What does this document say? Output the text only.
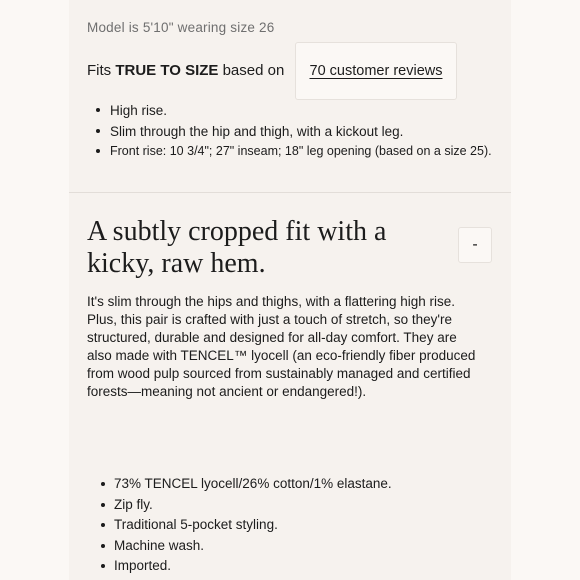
Model is 5'10" wearing size 26
Fits TRUE TO SIZE based on	70 customer reviews
High rise.
Slim through the hip and thigh, with a kickout leg.
Front rise: 10 3/4"; 27" inseam; 18" leg opening (based on a size 25).
A subtly cropped fit with a kicky, raw hem.
-

It's slim through the hips and thighs, with a flattering high rise. Plus, this pair is crafted with just a touch of stretch, so they're structured, durable and designed for all-day comfort. They are also made with TENCEL™ lyocell (an eco-friendly fiber produced from wood pulp sourced from sustainably managed and certified forests—meaning not ancient or endangered!).

73% TENCEL lyocell/26% cotton/1% elastane.
Zip fly.
Traditional 5-pocket styling.
Machine wash.
Imported.
